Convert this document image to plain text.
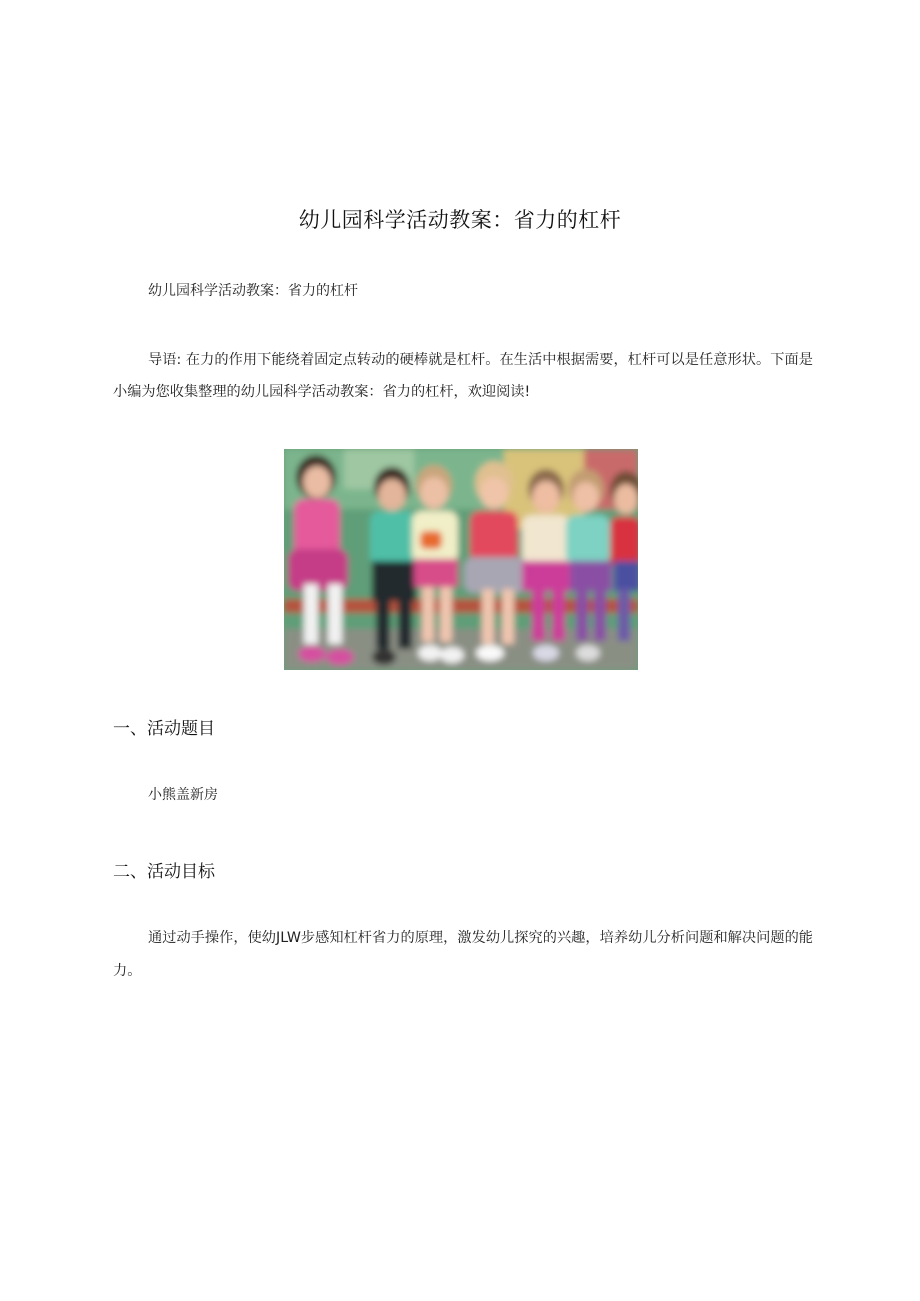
幼儿园科学活动教案：省力的杠杆
幼儿园科学活动教案：省力的杠杆
导语: 在力的作用下能绕着固定点转动的硬棒就是杠杆。在生活中根据需要，杠杆可以是任意形状。下面是小编为您收集整理的幼儿园科学活动教案：省力的杠杆，欢迎阅读!
一、活动题目
小熊盖新房
二、活动目标
通过动手操作，使幼JLW步感知杠杆省力的原理，激发幼儿探究的兴趣，培养幼儿分析问题和解决问题的能力。
